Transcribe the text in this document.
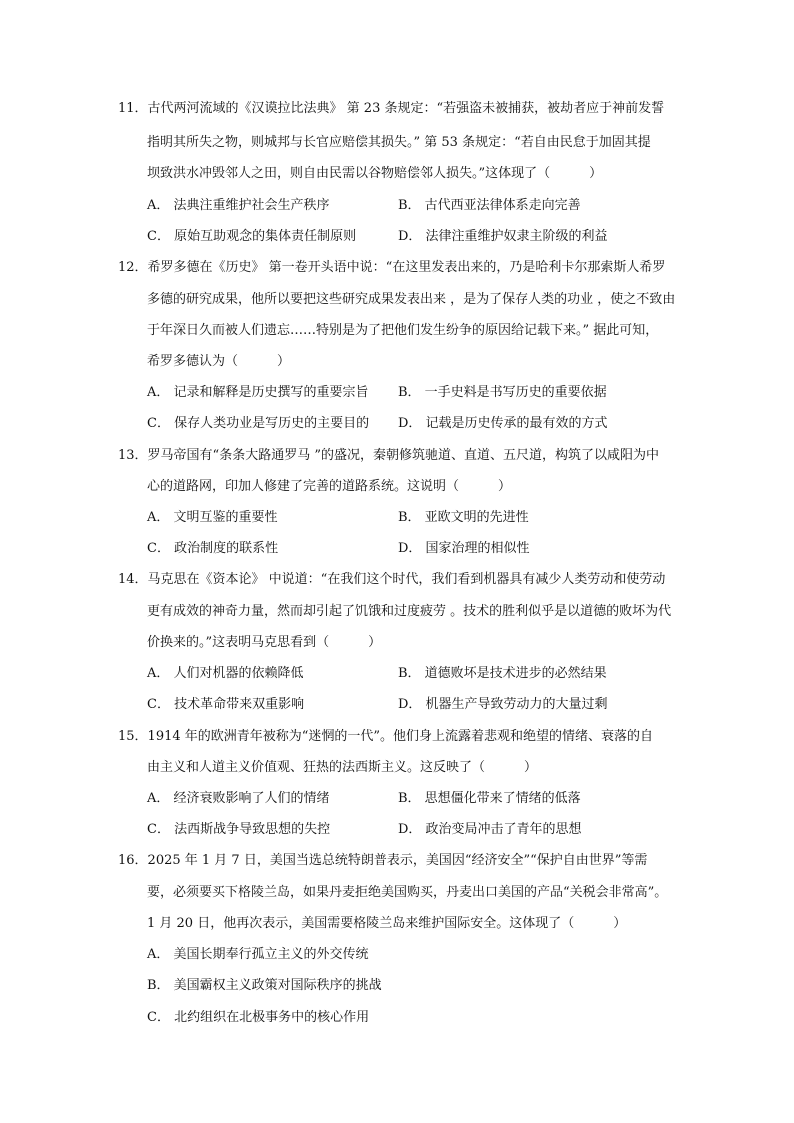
11．古代两河流域的《汉谟拉比法典》 第 23 条规定：“若强盗未被捕获，被劫者应于神前发誓
指明其所失之物，则城邦与长官应赔偿其损失。” 第 53 条规定：“若自由民怠于加固其提
坝致洪水冲毁邻人之田，则自由民需以谷物赔偿邻人损失。”这体现了（　　　）
A． 法典注重维护社会生产秩序	B． 古代西亚法律体系走向完善
C． 原始互助观念的集体责任制原则	D． 法律注重维护奴隶主阶级的利益
12．希罗多德在《历史》 第一卷开头语中说：“在这里发表出来的，乃是哈利卡尔那索斯人希罗
多德的研究成果，他所以要把这些研究成果发表出来 ，是为了保存人类的功业 ，使之不致由
于年深日久而被人们遗忘……特别是为了把他们发生纷争的原因给记载下来。” 据此可知，
希罗多德认为（　　　）
A． 记录和解释是历史撰写的重要宗旨 B． 一手史料是书写历史的重要依据
C． 保存人类功业是写历史的主要目的 D． 记载是历史传承的最有效的方式
13．罗马帝国有“条条大路通罗马 ”的盛况，秦朝修筑驰道、直道、五尺道，构筑了以咸阳为中
心的道路网，印加人修建了完善的道路系统。这说明（　　　）
A． 文明互鉴的重要性	B． 亚欧文明的先进性
C． 政治制度的联系性	D． 国家治理的相似性
14．马克思在《资本论》 中说道：“在我们这个时代，我们看到机器具有减少人类劳动和使劳动
更有成效的神奇力量，然而却引起了饥饿和过度疲劳 。技术的胜利似乎是以道德的败坏为代
价换来的。”这表明马克思看到（　　　）
A． 人们对机器的依赖降低	B． 道德败坏是技术进步的必然结果
C． 技术革命带来双重影响	D． 机器生产导致劳动力的大量过剩
15．1914 年的欧洲青年被称为“迷惘的一代”。他们身上流露着悲观和绝望的情绪、衰落的自
由主义和人道主义价值观、狂热的法西斯主义。这反映了（　　　）
A． 经济衰败影响了人们的情绪	B． 思想僵化带来了情绪的低落
C． 法西斯战争导致思想的失控	D． 政治变局冲击了青年的思想
16．2025 年 1 月 7 日，美国当选总统特朗普表示，美国因“经济安全”“保护自由世界”等需
要，必须要买下格陵兰岛，如果丹麦拒绝美国购买，丹麦出口美国的产品“关税会非常高”。
1 月 20 日，他再次表示，美国需要格陵兰岛来维护国际安全。这体现了（　　　）
A． 美国长期奉行孤立主义的外交传统
B． 美国霸权主义政策对国际秩序的挑战
C． 北约组织在北极事务中的核心作用
